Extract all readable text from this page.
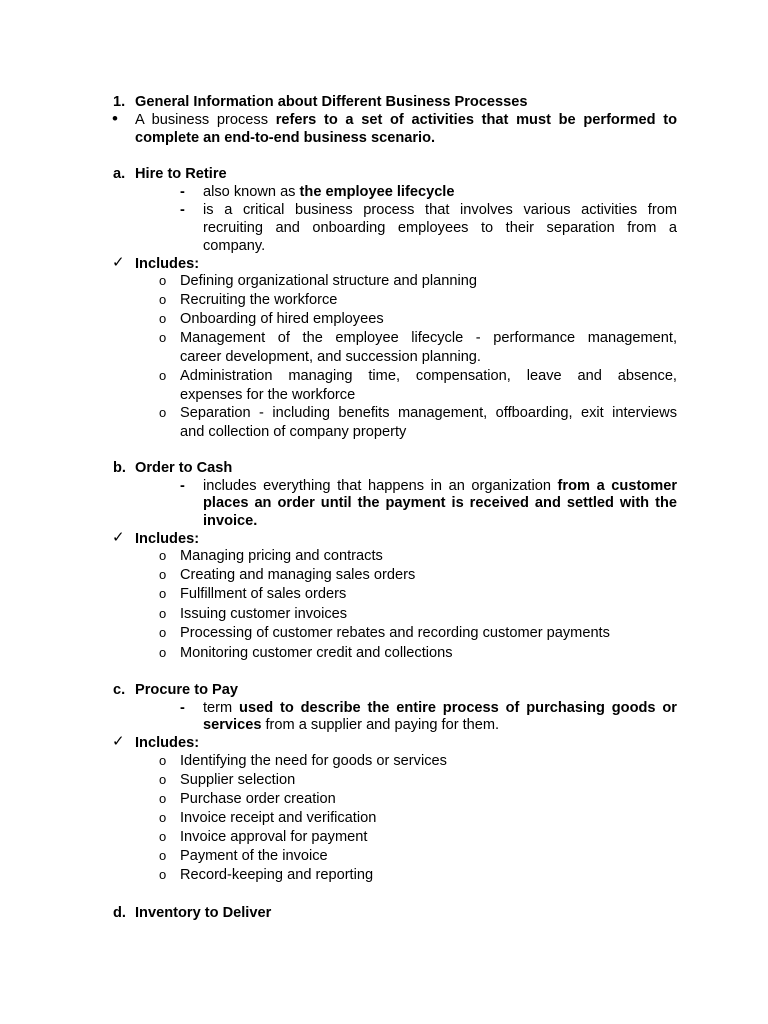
1. General Information about Different Business Processes
• A business process refers to a set of activities that must be performed to
complete an end-to-end business scenario.
a. Hire to Retire
- also known as the employee lifecycle
- is a critical business process that involves various activities from
recruiting and onboarding employees to their separation from a
company.
✓ Includes:
o Defining organizational structure and planning
o Recruiting the workforce
o Onboarding of hired employees
o Management of the employee lifecycle - performance management,
career development, and succession planning.
o Administration managing time, compensation, leave and absence,
expenses for the workforce
o Separation - including benefits management, offboarding, exit interviews
and collection of company property
b. Order to Cash
- includes everything that happens in an organization from a customer
places an order until the payment is received and settled with the
invoice.
✓ Includes:
o Managing pricing and contracts
o Creating and managing sales orders
o Fulfillment of sales orders
o Issuing customer invoices
o Processing of customer rebates and recording customer payments
o Monitoring customer credit and collections
c. Procure to Pay
- term used to describe the entire process of purchasing goods or
services from a supplier and paying for them.
✓ Includes:
o Identifying the need for goods or services
o Supplier selection
o Purchase order creation
o Invoice receipt and verification
o Invoice approval for payment
o Payment of the invoice
o Record-keeping and reporting
d. Inventory to Deliver
